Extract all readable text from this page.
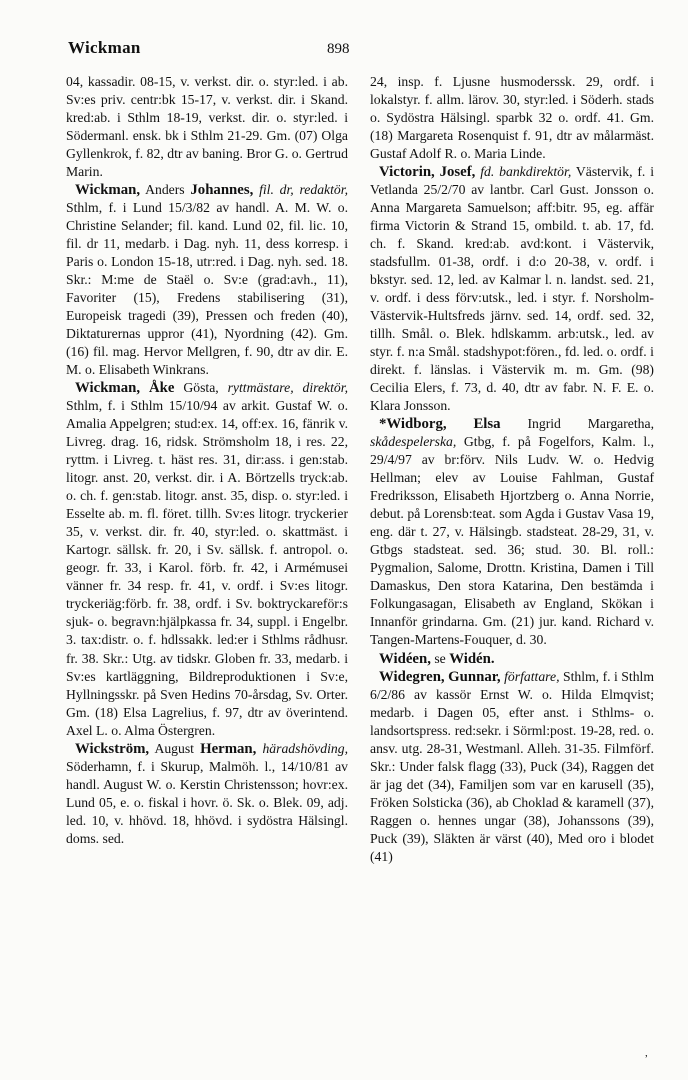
Wickman	898

04, kassadir. 08-15, v. verkst. dir. o. styr:led. i ab. Sv:es priv. centr:bk 15-17, v. verkst. dir. i Skand. kred:ab. i Sthlm 18-19, verkst. dir. o. styr:led. i Södermanl. ensk. bk i Sthlm 21-29. Gm. (07) Olga Gyllenkrok, f. 82, dtr av baning. Bror G. o. Gertrud Marin.

Wickman, Anders Johannes, fil. dr, redaktör, Sthlm, f. i Lund 15/3/82 av handl. A. M. W. o. Christine Selander; fil. kand. Lund 02, fil. lic. 10, fil. dr 11, medarb. i Dag. nyh. 11, dess korresp. i Paris o. London 15-18, utr:red. i Dag. nyh. sed. 18. Skr.: M:me de Staël o. Sv:e (grad:avh., 11), Favoriter (15), Fredens stabilisering (31), Europeisk tragedi (39), Pressen och freden (40), Diktaturernas uppror (41), Nyordning (42). Gm. (16) fil. mag. Hervor Mellgren, f. 90, dtr av dir. E. M. o. Elisabeth Winkrans.

Wickman, Åke Gösta, ryttmästare, direktör, Sthlm, f. i Sthlm 15/10/94 av arkit. Gustaf W. o. Amalia Appelgren; stud:ex. 14, off:ex. 16, fänrik v. Livreg. drag. 16, ridsk. Strömsholm 18, i res. 22, ryttm. i Livreg. t. häst res. 31, dir:ass. i gen:stab. litogr. anst. 20, verkst. dir. i A. Börtzells tryck:ab. o. ch. f. gen:stab. litogr. anst. 35, disp. o. styr:led. i Esselte ab. m. fl. föret. tillh. Sv:es litogr. tryckerier 35, v. verkst. dir. fr. 40, styr:led. o. skattmäst. i Kartogr. sällsk. fr. 20, i Sv. sällsk. f. antropol. o. geogr. fr. 33, i Karol. förb. fr. 42, i Armémusei vänner fr. 34 resp. fr. 41, v. ordf. i Sv:es litogr. tryckeriäg:förb. fr. 38, ordf. i Sv. boktryckareför:s sjuk- o. begravn:hjälpkassa fr. 34, suppl. i Engelbr. 3. tax:distr. o. f. hdlssakk. led:er i Sthlms rådhusr. fr. 38. Skr.: Utg. av tidskr. Globen fr. 33, medarb. i Sv:es kartläggning, Bildreproduktionen i Sv:e, Hyllningsskr. på Sven Hedins 70-årsdag, Sv. Orter. Gm. (18) Elsa Lagrelius, f. 97, dtr av överintend. Axel L. o. Alma Östergren.

Wickström, August Herman, häradshövding, Söderhamn, f. i Skurup, Malmöh. l., 14/10/81 av handl. August W. o. Kerstin Christensson; hovr:ex. Lund 05, e. o. fiskal i hovr. ö. Sk. o. Blek. 09, adj. led. 10, v. hhövd. 18, hhövd. i sydöstra Hälsingl. doms. sed.

24, insp. f. Ljusne husmoderssk. 29, ordf. i lokalstyr. f. allm. lärov. 30, styr:led. i Söderh. stads o. Sydöstra Hälsingl. sparbk 32 o. ordf. 41. Gm. (18) Margareta Rosenquist f. 91, dtr av målarmäst. Gustaf Adolf R. o. Maria Linde.

Victorin, Josef, fd. bankdirektör, Västervik, f. i Vetlanda 25/2/70 av lantbr. Carl Gust. Jonsson o. Anna Margareta Samuelson; aff:bitr. 95, eg. affär firma Victorin & Strand 15, ombild. t. ab. 17, fd. ch. f. Skand. kred:ab. avd:kont. i Västervik, stadsfullm. 01-38, ordf. i d:o 20-38, v. ordf. i bkstyr. sed. 12, led. av Kalmar l. n. landst. sed. 21, v. ordf. i dess förv:utsk., led. i styr. f. Norsholm-Västervik-Hultsfreds järnv. sed. 14, ordf. sed. 32, tillh. Smål. o. Blek. hdlskamm. arb:utsk., led. av styr. f. n:a Smål. stadshypot:fören., fd. led. o. ordf. i direkt. f. länslas. i Västervik m. m. Gm. (98) Cecilia Elers, f. 73, d. 40, dtr av fabr. N. F. E. o. Klara Jonsson.

*Widborg, Elsa Ingrid Margaretha, skådespelerska, Gtbg, f. på Fogelfors, Kalm. l., 29/4/97 av br:förv. Nils Ludv. W. o. Hedvig Hellman; elev av Louise Fahlman, Gustaf Fredriksson, Elisabeth Hjortzberg o. Anna Norrie, debut. på Lorensb:teat. som Agda i Gustav Vasa 19, eng. där t. 27, v. Hälsingb. stadsteat. 28-29, 31, v. Gtbgs stadsteat. sed. 36; stud. 30. Bl. roll.: Pygmalion, Salome, Drottn. Kristina, Damen i Till Damaskus, Den stora Katarina, Den bestämda i Folkungasagan, Elisabeth av England, Skökan i Innanför grindarna. Gm. (21) jur. kand. Richard v. Tangen-Martens-Fouquer, d. 30.

Widéen, se Widén.

Widegren, Gunnar, författare, Sthlm, f. i Sthlm 6/2/86 av kassör Ernst W. o. Hilda Elmqvist; medarb. i Dagen 05, efter anst. i Sthlms- o. landsortspress. red:sekr. i Sörml:post. 19-28, red. o. ansv. utg. 28-31, Westmanl. Alleh. 31-35. Filmförf. Skr.: Under falsk flagg (33), Puck (34), Raggen det är jag det (34), Familjen som var en karusell (35), Fröken Solsticka (36), ab Choklad & karamell (37), Raggen o. hennes ungar (38), Johanssons (39), Puck (39), Släkten är värst (40), Med oro i blodet (41)

,
